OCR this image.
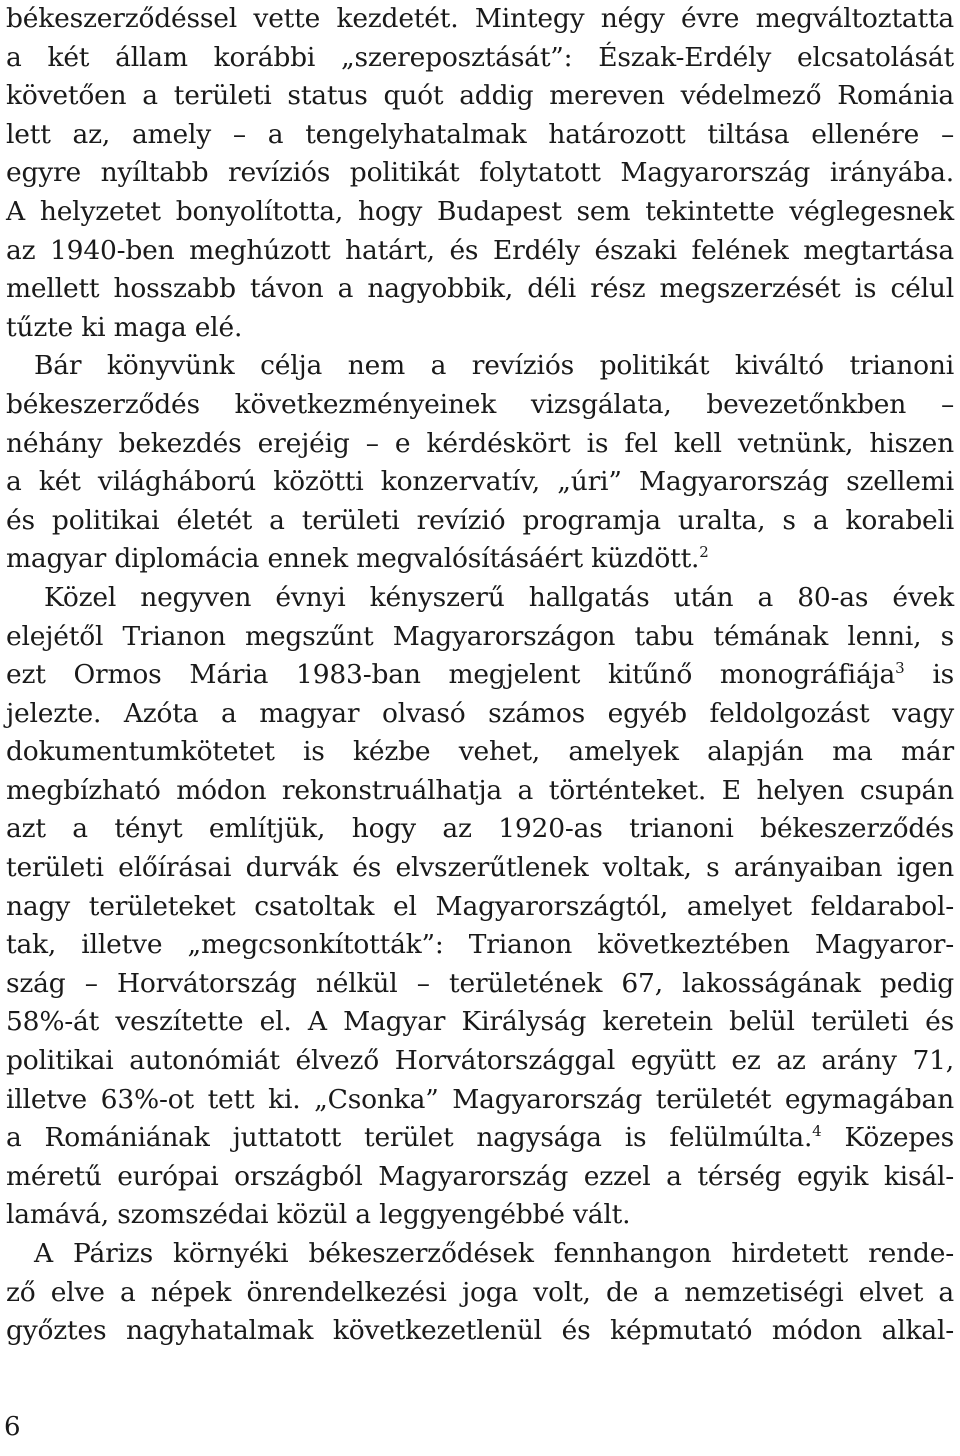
békeszerződéssel vette kezdetét. Mintegy négy évre megváltoztatta
a két állam korábbi „szereposztását”: Észak-Erdély elcsatolását
követően a területi status quót addig mereven védelmező Románia
lett az, amely – a tengelyhatalmak határozott tiltása ellenére –
egyre nyíltabb revíziós politikát folytatott Magyarország irányába.
A helyzetet bonyolította, hogy Budapest sem tekintette véglegesnek
az 1940-ben meghúzott határt, és Erdély északi felének megtartása
mellett hosszabb távon a nagyobbik, déli rész megszerzését is célul
tűzte ki maga elé.

Bár könyvünk célja nem a revíziós politikát kiváltó trianoni
békeszerződés következményeinek vizsgálata, bevezetőnkben –
néhány bekezdés erejéig – e kérdéskört is fel kell vetnünk, hiszen
a két világháború közötti konzervatív, „úri” Magyarország szellemi
és politikai életét a területi revízió programja uralta, s a korabeli
magyar diplomácia ennek megvalósításáért küzdött.$^2$

Közel negyven évnyi kényszerű hallgatás után a 80-as évek
elejétől Trianon megszűnt Magyarországon tabu témának lenni, s
ezt Ormos Mária 1983-ban megjelent kitűnő monográfiája$^3$ is
jelezte. Azóta a magyar olvasó számos egyéb feldolgozást vagy
dokumentumkötetet is kézbe vehet, amelyek alapján ma már
megbízható módon rekonstruálhatja a történteket. E helyen csupán
azt a tényt említjük, hogy az 1920-as trianoni békeszerződés
területi előírásai durvák és elvszerűtlenek voltak, s arányaiban igen
nagy területeket csatoltak el Magyarországtól, amelyet feldarabol-
tak, illetve „megcsonkították”: Trianon következtében Magyaror-
szág – Horvátország nélkül – területének 67, lakosságának pedig
58%-át veszítette el. A Magyar Királyság keretein belül területi és
politikai autonómiát élvező Horvátországgal együtt ez az arány 71,
illetve 63%-ot tett ki. „Csonka” Magyarország területét egymagában
a Romániának juttatott terület nagysága is felülmúlta.$^4$ Közepes
méretű európai országból Magyarország ezzel a térség egyik kisál-
lamává, szomszédai közül a leggyengébbé vált.

A Párizs környéki békeszerződések fennhangon hirdetett rende-
ző elve a népek önrendelkezési joga volt, de a nemzetiségi elvet a
győztes nagyhatalmak következetlenül és képmutató módon alkal-

6
